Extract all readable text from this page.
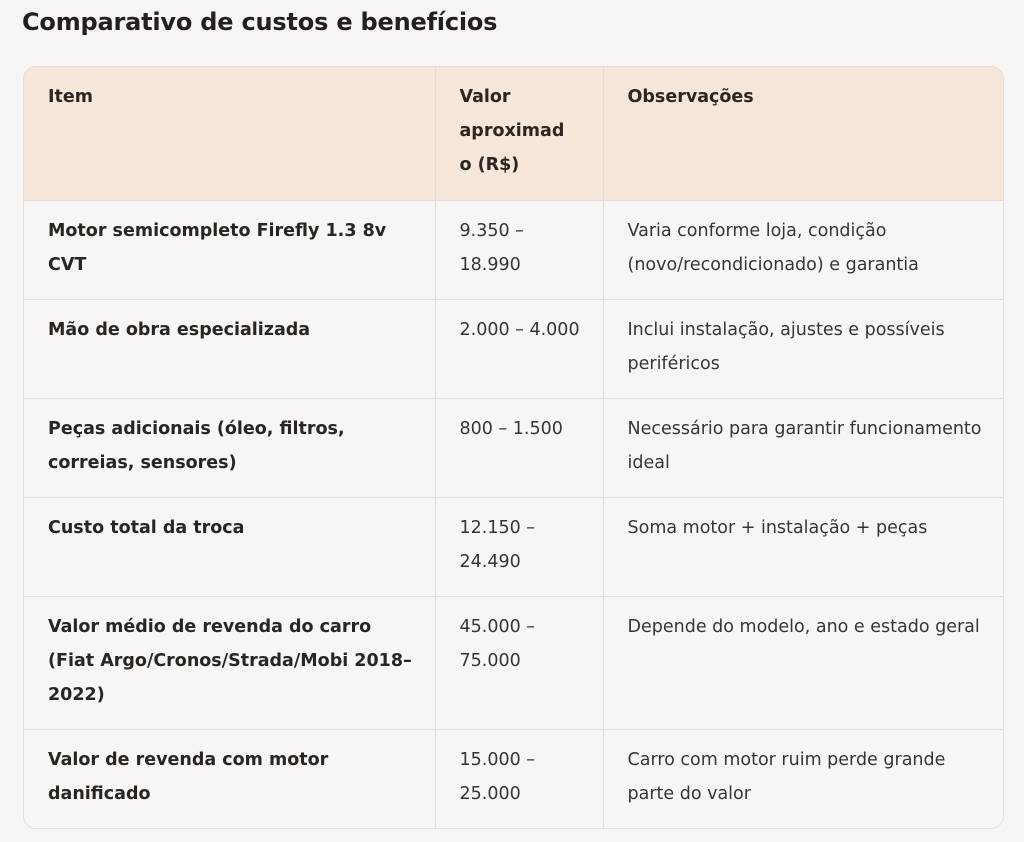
Comparativo de custos e benefícios
Item	Valor aproximado (R$)	Observações
Motor semicompleto Firefly 1.3 8v CVT	9.350 – 18.990	Varia conforme loja, condição (novo/recondicionado) e garantia
Mão de obra especializada	2.000 – 4.000	Inclui instalação, ajustes e possíveis periféricos
Peças adicionais (óleo, filtros, correias, sensores)	800 – 1.500	Necessário para garantir funcionamento ideal
Custo total da troca	12.150 – 24.490	Soma motor + instalação + peças
Valor médio de revenda do carro (Fiat Argo/Cronos/Strada/Mobi 2018–2022)	45.000 – 75.000	Depende do modelo, ano e estado geral
Valor de revenda com motor danificado	15.000 – 25.000	Carro com motor ruim perde grande parte do valor
